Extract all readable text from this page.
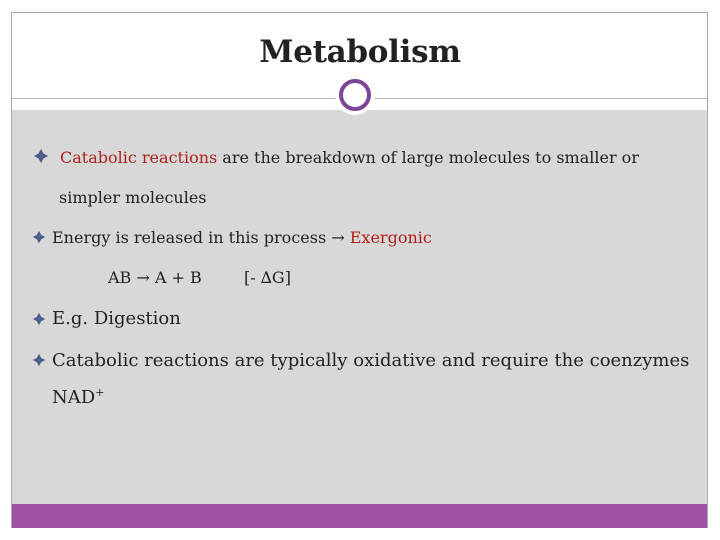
Metabolism
Catabolic reactions are the breakdown of large molecules to smaller or
simpler molecules
Energy is released in this process → Exergonic
AB → A + B	[- ∆G]
E.g. Digestion
Catabolic reactions are typically oxidative and require the coenzymes
NAD+
